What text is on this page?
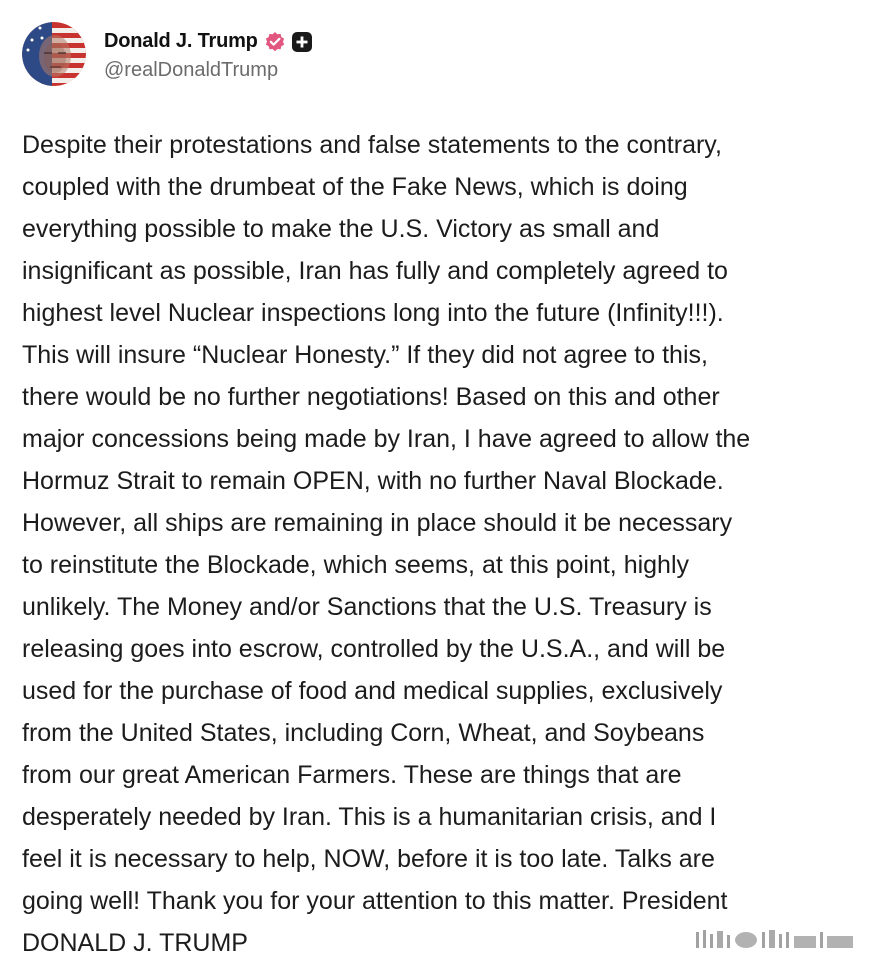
Donald J. Trump
@realDonaldTrump
Despite their protestations and false statements to the contrary,
coupled with the drumbeat of the Fake News, which is doing
everything possible to make the U.S. Victory as small and
insignificant as possible, Iran has fully and completely agreed to
highest level Nuclear inspections long into the future (Infinity!!!).
This will insure “Nuclear Honesty.” If they did not agree to this,
there would be no further negotiations! Based on this and other
major concessions being made by Iran, I have agreed to allow the
Hormuz Strait to remain OPEN, with no further Naval Blockade.
However, all ships are remaining in place should it be necessary
to reinstitute the Blockade, which seems, at this point, highly
unlikely. The Money and/or Sanctions that the U.S. Treasury is
releasing goes into escrow, controlled by the U.S.A., and will be
used for the purchase of food and medical supplies, exclusively
from the United States, including Corn, Wheat, and Soybeans
from our great American Farmers. These are things that are
desperately needed by Iran. This is a humanitarian crisis, and I
feel it is necessary to help, NOW, before it is too late. Talks are
going well! Thank you for your attention to this matter. President
DONALD J. TRUMP
